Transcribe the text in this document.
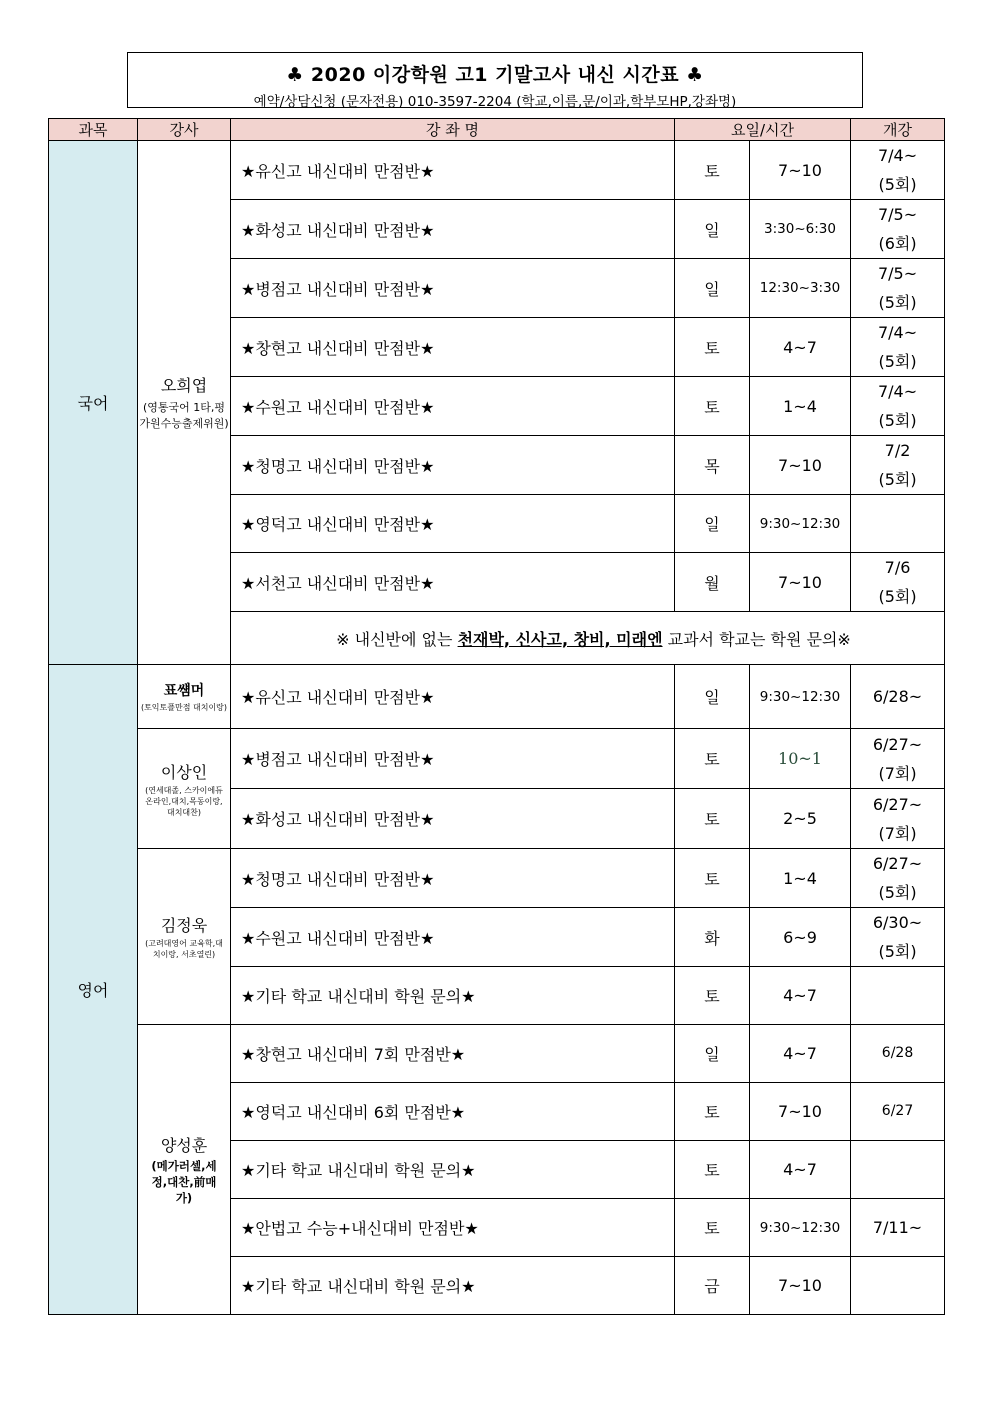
♣ 2020 이강학원 고1 기말고사 내신 시간표 ♣
예약/상담신청 (문자전용) 010-3597-2204 (학교,이름,문/이과,학부모HP,강좌명)
과목	강사	강 좌 명	요일/시간		개강
국어	오희엽
(영통국어 1타,평가원수능출제위원)	★유신고 내신대비 만점반★	토	7~10	7/4~
(5회)
		★화성고 내신대비 만점반★	일	3:30~6:30	7/5~
(6회)
		★병점고 내신대비 만점반★	일	12:30~3:30	7/5~
(5회)
		★창현고 내신대비 만점반★	토	4~7	7/4~
(5회)
		★수원고 내신대비 만점반★	토	1~4	7/4~
(5회)
		★청명고 내신대비 만점반★	목	7~10	7/2
(5회)
		★영덕고 내신대비 만점반★	일	9:30~12:30	
		★서천고 내신대비 만점반★	월	7~10	7/6
(5회)
		※ 내신반에 없는 천재박, 신사고, 창비, 미래엔 교과서 학교는 학원 문의※			
영어	표썜머
(토익토플만점 대치이랑)	★유신고 내신대비 만점반★	일	9:30~12:30	6/28~

	이상인
(연세대졸, 스카이에듀온라인,대치,목동이랑,대치대찬)	★병점고 내신대비 만점반★	토	10~1	6/27~
(7회)
		★화성고 내신대비 만점반★	토	2~5	6/27~
(7회)

	김정욱
(고려대영어 교육학,대치이랑, 서초열린)	★청명고 내신대비 만점반★	토	1~4	6/27~
(5회)
		★수원고 내신대비 만점반★	화	6~9	6/30~
(5회)
		★기타 학교 내신대비 학원 문의★	토	4~7	

	양성훈
(메가러셀,세정,대찬,前매가)	★창현고 내신대비 7회 만점반★	일	4~7	6/28
		★영덕고 내신대비 6회 만점반★	토	7~10	6/27
		★기타 학교 내신대비 학원 문의★	토	4~7	
		★안법고 수능+내신대비 만점반★	토	9:30~12:30	7/11~
		★기타 학교 내신대비 학원 문의★	금	7~10	
